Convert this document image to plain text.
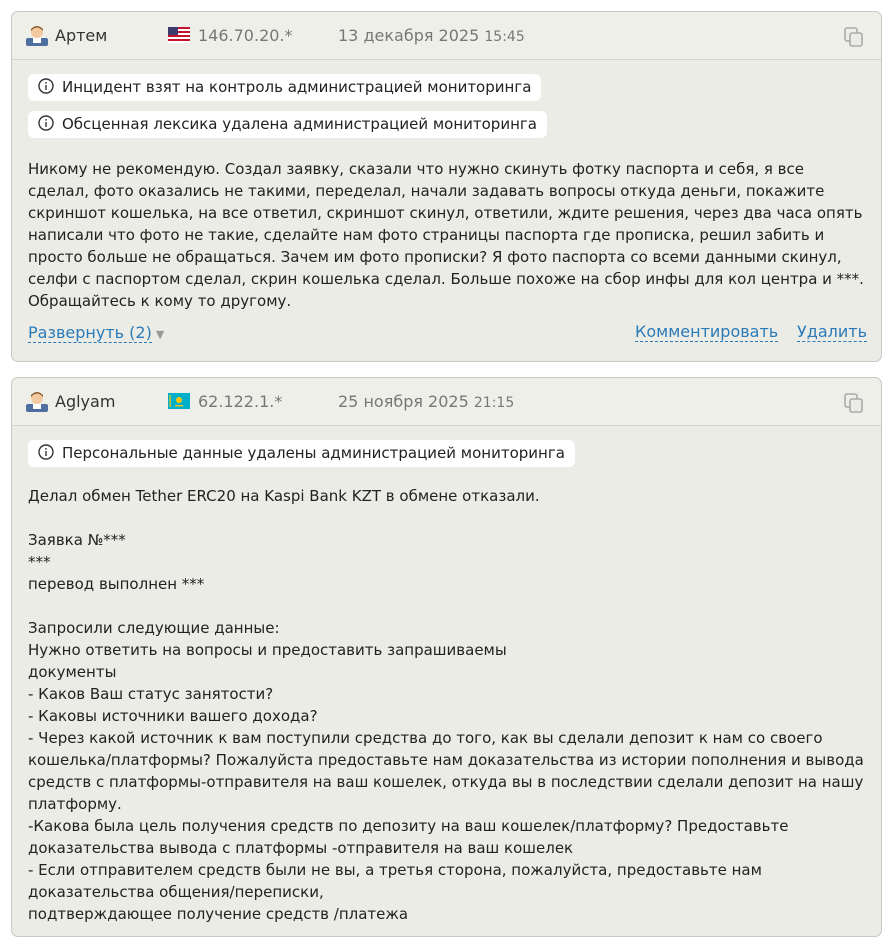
Артем	146.70.20.*	13 декабря 2025 15:45
Инцидент взят на контроль администрацией мониторинга
Обсценная лексика удалена администрацией мониторинга
Никому не рекомендую. Создал заявку, сказали что нужно скинуть фотку паспорта и себя, я все сделал, фото оказались не такими, переделал, начали задавать вопросы откуда деньги, покажите скриншот кошелька, на все ответил, скриншот скинул, ответили, ждите решения, через два часа опять написали что фото не такие, сделайте нам фото страницы паспорта где прописка, решил забить и просто больше не обращаться. Зачем им фото прописки? Я фото паспорта со всеми данными скинул, селфи с паспортом сделал, скрин кошелька сделал. Больше похоже на сбор инфы для кол центра и ***. Обращайтесь к кому то другому.
Развернуть (2) ▼	Комментировать Удалить
Aglyam	62.122.1.*	25 ноября 2025 21:15
Персональные данные удалены администрацией мониторинга
Делал обмен Tether ERC20 на Kaspi Bank KZT в обмене отказали.

Заявка №***
***
перевод выполнен ***

Запросили следующие данные:
Нужно ответить на вопросы и предоставить запрашиваемы
документы
- Каков Ваш статус занятости?
- Каковы источники вашего дохода?
- Через какой источник к вам поступили средства до того, как вы сделали депозит к нам со своего кошелька/платформы? Пожалуйста предоставьте нам доказательства из истории пополнения и вывода средств с платформы-отправителя на ваш кошелек, откуда вы в последствии сделали депозит на нашу платформу.
-Какова была цель получения средств по депозиту на ваш кошелек/платформу? Предоставьте доказательства вывода с платформы -отправителя на ваш кошелек
- Если отправителем средств были не вы, а третья сторона, пожалуйста, предоставьте нам доказательства общения/переписки,
подтверждающее получение средств /платежа
